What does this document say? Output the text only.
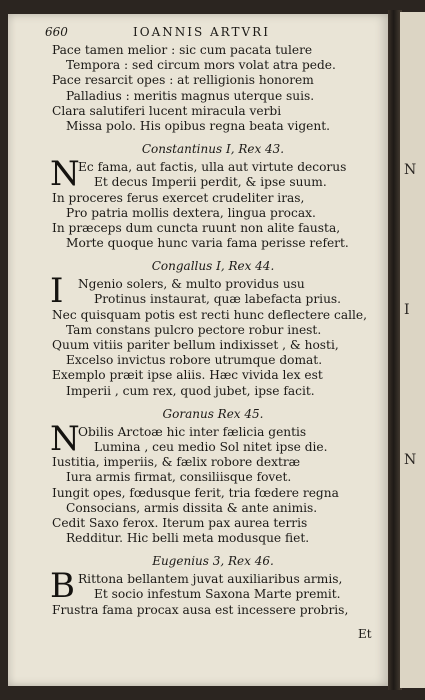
N
I
N
660	IOANNIS ARTVRI
Pace tamen melior : sic cum pacata tulere
Tempora : sed circum mors volat atra pede.
Pace resarcit opes : at relligionis honorem
Palladius : meritis magnus uterque suis.
Clara salutiferi lucent miracula verbi
Missa polo. His opibus regna beata vigent.
Constantinus I, Rex 43.
N
Ec fama, aut factis, ulla aut virtute decorus
Et decus Imperii perdit, & ipse suum.
In proceres ferus exercet crudeliter iras,
Pro patria mollis dextera, lingua procax.
In præceps dum cuncta ruunt non alite fausta,
Morte quoque hunc varia fama perisse refert.
Congallus I, Rex 44.
I Ngenio solers, & multo providus usu
Protinus instaurat, quæ labefacta prius.
Nec quisquam potis est recti hunc deflectere calle,
Tam constans pulcro pectore robur inest.
Quum vitiis pariter bellum indixisset , & hosti,
Excelso invictus robore utrumque domat.
Exemplo præit ipse aliis. Hæc vivida lex est
Imperii , cum rex, quod jubet, ipse facit.
Goranus Rex 45.
N
Obilis Arctoæ hic inter fælicia gentis
Lumina , ceu medio Sol nitet ipse die.
Iustitia, imperiis, & fælix robore dextræ
Iura armis firmat, consiliisque fovet.
Iungit opes, fœdusque ferit, tria fœdere regna
Consocians, armis dissita & ante animis.
Cedit Saxo ferox. Iterum pax aurea terris
Redditur. Hic belli meta modusque fiet.
Eugenius 3, Rex 46.
B Rittona bellantem juvat auxiliaribus armis,
Et socio infestum Saxona Marte premit.
Frustra fama procax ausa est incessere probris,
Et
